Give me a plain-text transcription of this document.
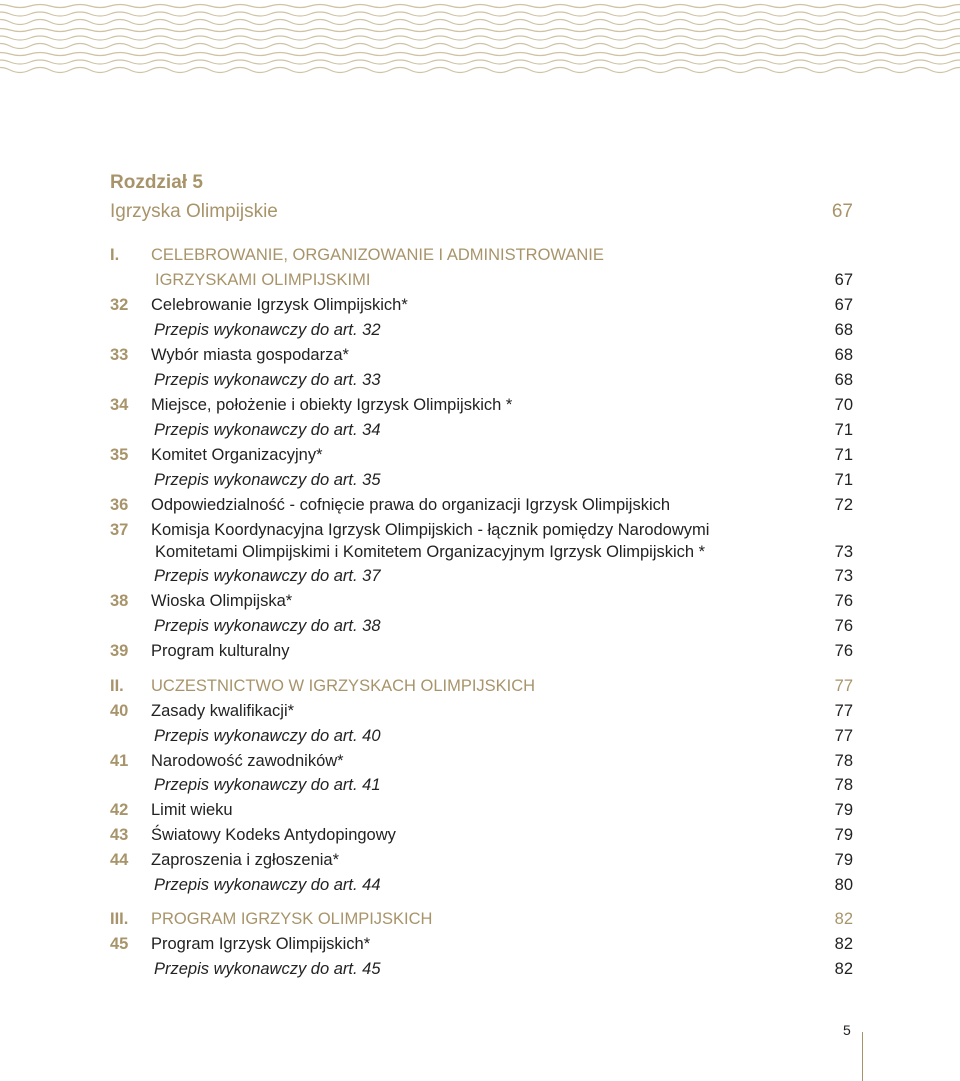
Rozdział 5
Igrzyska Olimpijskie	67
I. CELEBROWANIE, ORGANIZOWANIE I ADMINISTROWANIE
IGRZYSKAMI OLIMPIJSKIMI	67
32 Celebrowanie Igrzysk Olimpijskich*	67
Przepis wykonawczy do art. 32	68
33 Wybór miasta gospodarza*	68
Przepis wykonawczy do art. 33	68
34 Miejsce, położenie i obiekty Igrzysk Olimpijskich *	70
Przepis wykonawczy do art. 34	71
35 Komitet Organizacyjny*	71
Przepis wykonawczy do art. 35	71
36 Odpowiedzialność - cofnięcie prawa do organizacji Igrzysk Olimpijskich	72
37 Komisja Koordynacyjna Igrzysk Olimpijskich - łącznik pomiędzy Narodowymi
Komitetami Olimpijskimi i Komitetem Organizacyjnym Igrzysk Olimpijskich *	73
Przepis wykonawczy do art. 37	73
38 Wioska Olimpijska*	76
Przepis wykonawczy do art. 38	76
39 Program kulturalny	76
II. UCZESTNICTWO W IGRZYSKACH OLIMPIJSKICH	77
40 Zasady kwalifikacji*	77
Przepis wykonawczy do art. 40	77
41 Narodowość zawodników*	78
Przepis wykonawczy do art. 41	78
42 Limit wieku	79
43 Światowy Kodeks Antydopingowy	79
44 Zaproszenia i zgłoszenia*	79
Przepis wykonawczy do art. 44	80
III. PROGRAM IGRZYSK OLIMPIJSKICH	82
45 Program Igrzysk Olimpijskich*	82
Przepis wykonawczy do art. 45	82
5
